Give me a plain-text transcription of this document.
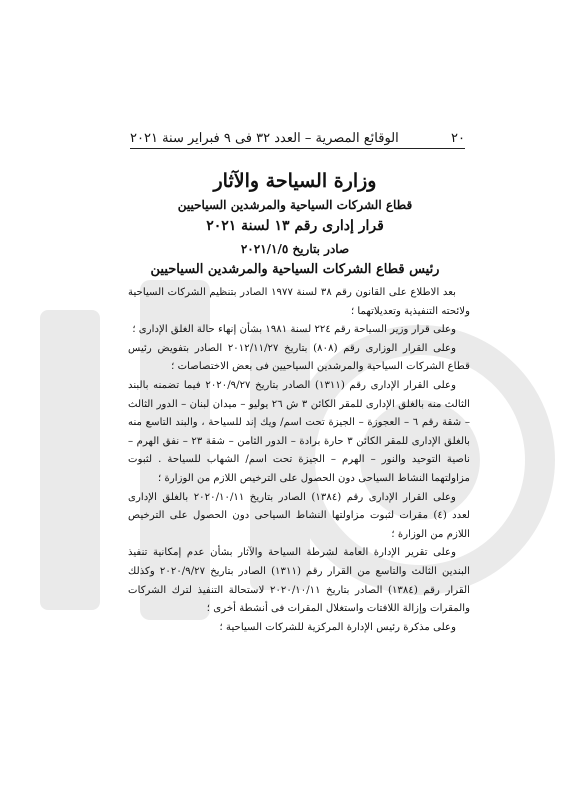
٢٠
الوقائع المصرية – العدد ٣٢ فى ٩ فبراير سنة ٢٠٢١
وزارة السياحة والآثار
قطاع الشركات السياحية والمرشدين السياحيين
قرار إدارى رقم ١٣ لسنة ٢٠٢١
صادر بتاريخ ٢٠٢١/١/٥
رئيس قطاع الشركات السياحية والمرشدين السياحيين

بعد الاطلاع على القانون رقم ٣٨ لسنة ١٩٧٧ الصادر بتنظيم الشركات السياحية ولائحته التنفيذية وتعديلاتهما ؛

وعلى قرار وزير السياحة رقم ٢٢٤ لسنة ١٩٨١ بشأن إنهاء حالة الغلق الإدارى ؛

وعلى القرار الوزارى رقم (٨٠٨) بتاريخ ٢٠١٢/١١/٢٧ الصادر بتفويض رئيس قطاع الشركات السياحية والمرشدين السياحيين فى بعض الاختصاصات ؛

وعلى القرار الإدارى رقم (١٣١١) الصادر بتاريخ ٢٠٢٠/٩/٢٧ فيما تضمنه بالبند الثالث منه بالغلق الإدارى للمقر الكائن ٣ ش ٢٦ يوليو – ميدان لبنان – الدور الثالث – شقة رقم ٦ – العجوزة – الجيزة تحت اسم/ ويك إند للسياحة ، والبند التاسع منه بالغلق الإدارى للمقر الكائن ٣ حارة برادة – الدور الثامن – شقة ٢٣ – نفق الهرم – ناصية التوحيد والنور – الهرم – الجيزة تحت اسم/ الشهاب للسياحة . لثبوت مزاولتهما النشاط السياحى دون الحصول على الترخيص اللازم من الوزارة ؛

وعلى القرار الإدارى رقم (١٣٨٤) الصادر بتاريخ ٢٠٢٠/١٠/١١ بالغلق الإدارى لعدد (٤) مقرات لثبوت مزاولتها النشاط السياحى دون الحصول على الترخيص اللازم من الوزارة ؛

وعلى تقرير الإدارة العامة لشرطة السياحة والآثار بشأن عدم إمكانية تنفيذ البندين الثالث والتاسع من القرار رقم (١٣١١) الصادر بتاريخ ٢٠٢٠/٩/٢٧ وكذلك القرار رقم (١٣٨٤) الصادر بتاريخ ٢٠٢٠/١٠/١١ لاستحالة التنفيذ لترك الشركات والمقرات وإزالة اللافتات واستغلال المقرات فى أنشطة أخرى ؛

وعلى مذكرة رئيس الإدارة المركزية للشركات السياحية ؛
